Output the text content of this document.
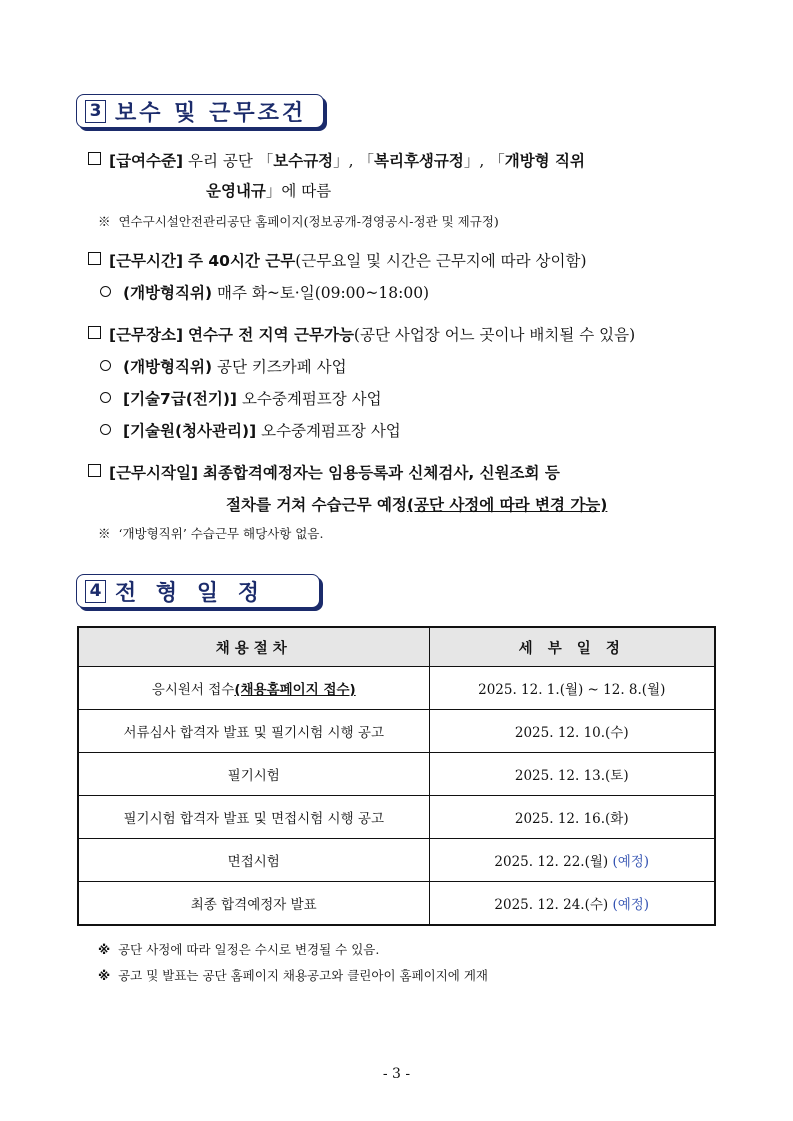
3 보수 및 근무조건
[급여수준] 우리 공단 「보수규정」, 「복리후생규정」, 「개방형 직위
운영내규」에 따름
※ 연수구시설안전관리공단 홈페이지(정보공개-경영공시-정관 및 제규정)
[근무시간] 주 40시간 근무(근무요일 및 시간은 근무지에 따라 상이함)
(개방형직위) 매주 화~토·일(09:00~18:00)
[근무장소] 연수구 전 지역 근무가능(공단 사업장 어느 곳이나 배치될 수 있음)
(개방형직위) 공단 키즈카페 사업
[기술7급(전기)] 오수중계펌프장 사업
[기술원(청사관리)] 오수중계펌프장 사업
[근무시작일] 최종합격예정자는 임용등록과 신체검사, 신원조회 등
절차를 거쳐 수습근무 예정(공단 사정에 따라 변경 가능)
※ ‘개방형직위’ 수습근무 해당사항 없음.
4 전 형 일 정
채용절차	세 부 일 정
응시원서 접수(채용홈페이지 접수)	2025. 12. 1.(월) ~ 12. 8.(월)
서류심사 합격자 발표 및 필기시험 시행 공고	2025. 12. 10.(수)
필기시험	2025. 12. 13.(토)
필기시험 합격자 발표 및 면접시험 시행 공고	2025. 12. 16.(화)
면접시험	2025. 12. 22.(월) (예정)
최종 합격예정자 발표	2025. 12. 24.(수) (예정)
※ 공단 사정에 따라 일정은 수시로 변경될 수 있음.
※ 공고 및 발표는 공단 홈페이지 채용공고와 클린아이 홈페이지에 게재
- 3 -
